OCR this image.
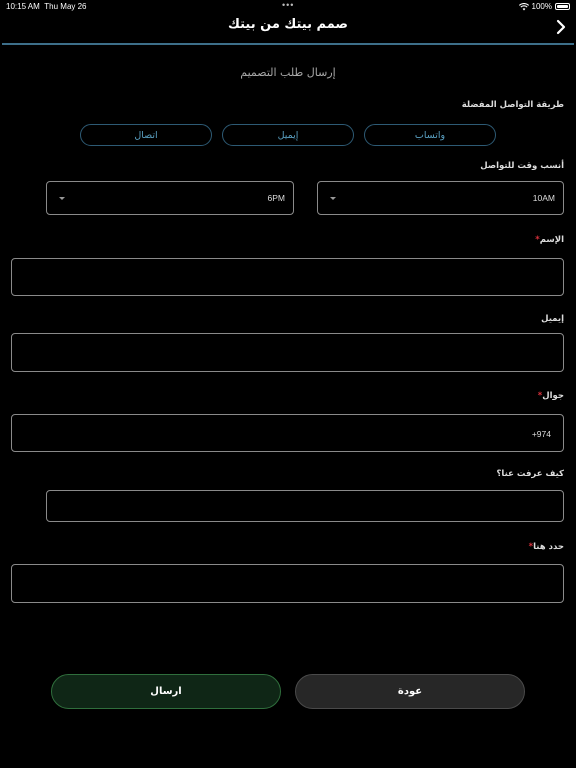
10:15 AM Thu May 26	•••	100%
صمم بيتك من بيتك
إرسال طلب التصميم
طريقة التواصل المفضلة
واتساب
إيميل
اتصال
أنسب وقت للتواصل
10AM
6PM
الإسم*
إيميل
جوال*
+974
كيف عرفت عنا؟
حدد هنا*
ارسال	عودة
